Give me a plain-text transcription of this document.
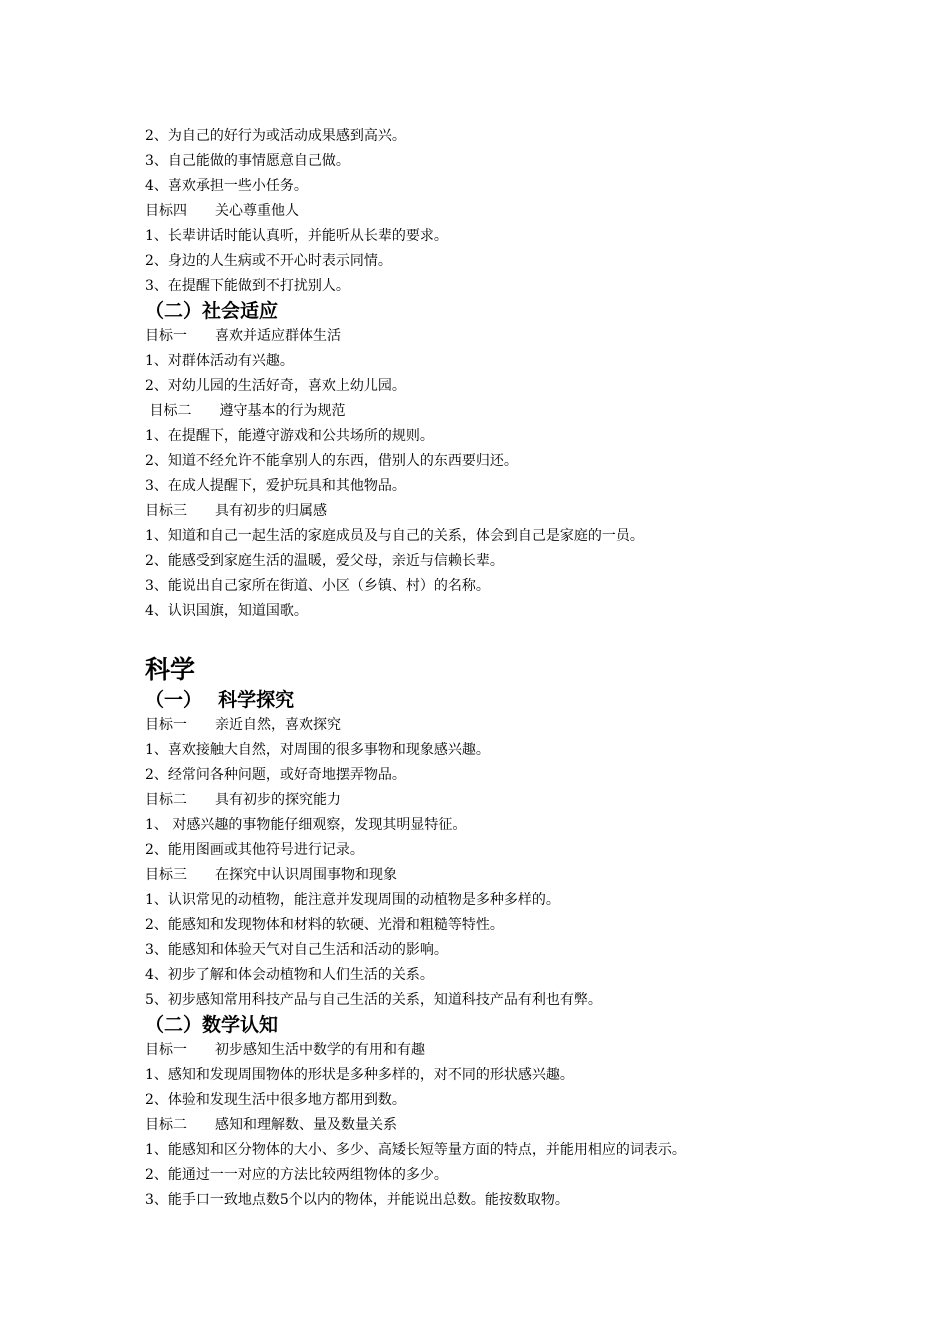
2、为自己的好行为或活动成果感到高兴。
3、自己能做的事情愿意自己做。
4、喜欢承担一些小任务。
目标四　　关心尊重他人
1、长辈讲话时能认真听，并能听从长辈的要求。
2、身边的人生病或不开心时表示同情。
3、在提醒下能做到不打扰别人。
（二）社会适应
目标一　　喜欢并适应群体生活
1、对群体活动有兴趣。
2、对幼儿园的生活好奇，喜欢上幼儿园。
目标二　　遵守基本的行为规范
1、在提醒下，能遵守游戏和公共场所的规则。
2、知道不经允许不能拿别人的东西，借别人的东西要归还。
3、在成人提醒下，爱护玩具和其他物品。
目标三　　具有初步的归属感
1、知道和自己一起生活的家庭成员及与自己的关系，体会到自己是家庭的一员。
2、能感受到家庭生活的温暖，爱父母，亲近与信赖长辈。
3、能说出自己家所在街道、小区（乡镇、村）的名称。
4、认识国旗，知道国歌。
科学
（一）　 科学探究
目标一　　亲近自然，喜欢探究
1、喜欢接触大自然，对周围的很多事物和现象感兴趣。
2、经常问各种问题，或好奇地摆弄物品。
目标二　　具有初步的探究能力
1、 对感兴趣的事物能仔细观察，发现其明显特征。
2、能用图画或其他符号进行记录。
目标三　　在探究中认识周围事物和现象
1、认识常见的动植物，能注意并发现周围的动植物是多种多样的。
2、能感知和发现物体和材料的软硬、光滑和粗糙等特性。
3、能感知和体验天气对自己生活和活动的影响。
4、初步了解和体会动植物和人们生活的关系。
5、初步感知常用科技产品与自己生活的关系，知道科技产品有利也有弊。
（二）数学认知
目标一　　初步感知生活中数学的有用和有趣
1、感知和发现周围物体的形状是多种多样的，对不同的形状感兴趣。
2、体验和发现生活中很多地方都用到数。
目标二　　感知和理解数、量及数量关系
1、能感知和区分物体的大小、多少、高矮长短等量方面的特点，并能用相应的词表示。
2、能通过一一对应的方法比较两组物体的多少。
3、能手口一致地点数5个以内的物体，并能说出总数。能按数取物。
